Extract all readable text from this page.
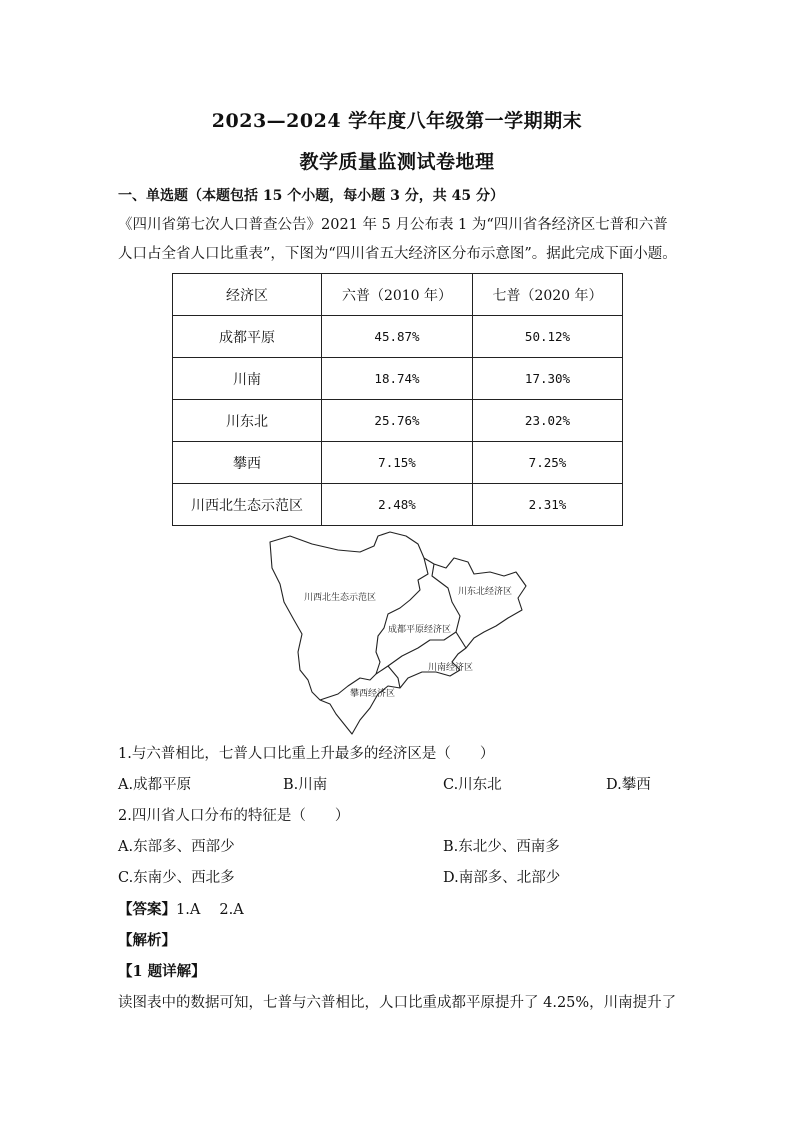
2023—2024 学年度八年级第一学期期末
教学质量监测试卷地理
一、单选题（本题包括 15 个小题，每小题 3 分，共 45 分）
《四川省第七次人口普查公告》2021 年 5 月公布表 1 为“四川省各经济区七普和六普人口占全省人口比重表”，下图为“四川省五大经济区分布示意图”。据此完成下面小题。
经济区	六普（2010 年）	七普（2020 年）
成都平原	45.87%	50.12%
川南	18.74%	17.30%
川东北	25.76%	23.02%
攀西	7.15%	7.25%
川西北生态示范区	2.48%	2.31%
川西北生态示范区
川东北经济区
成都平原经济区
川南经济区
攀西经济区
1.与六普相比，七普人口比重上升最多的经济区是（　　）
A.成都平原	B.川南	C.川东北	D.攀西
2.四川省人口分布的特征是（　　）
A.东部多、西部少	B.东北少、西南多
C.东南少、西北多	D.南部多、北部少
【答案】1.A　 2.A
【解析】
【1 题详解】
读图表中的数据可知，七普与六普相比，人口比重成都平原提升了 4.25%，川南提升了
